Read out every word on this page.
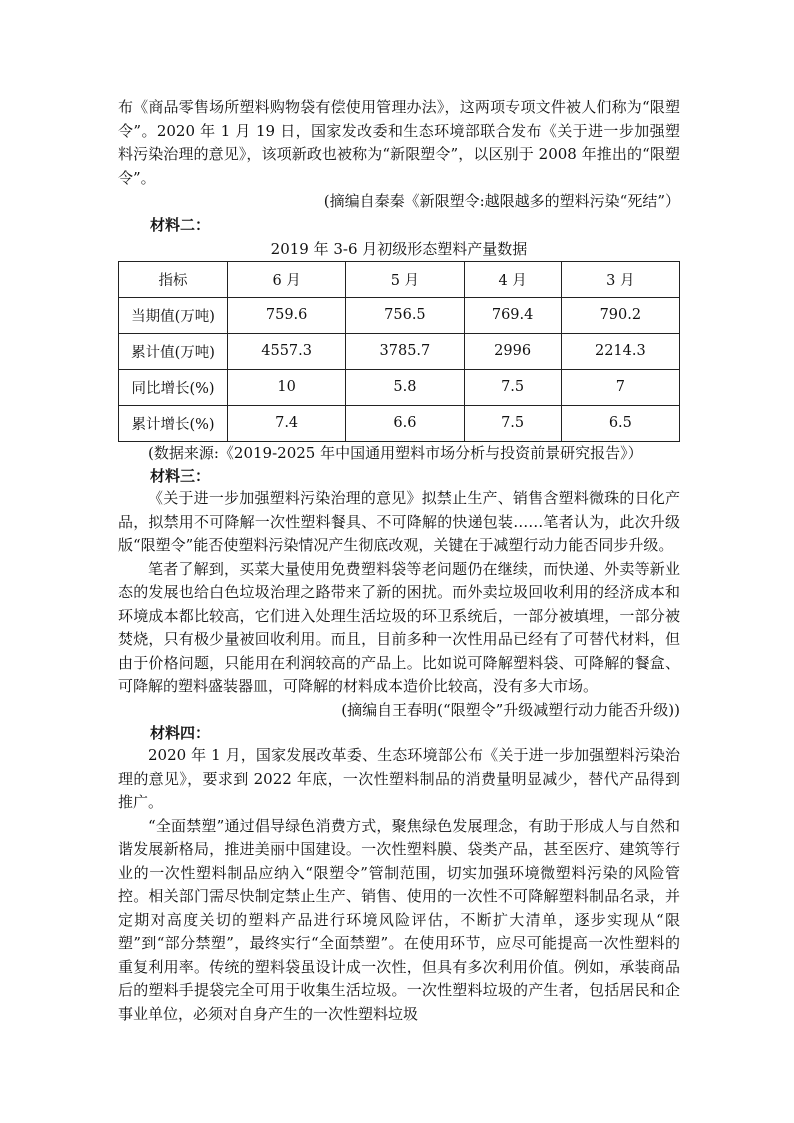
布《商品零售场所塑料购物袋有偿使用管理办法》，这两项专项文件被人们称为“限塑令”。2020 年 1 月 19 日，国家发改委和生态环境部联合发布《关于进一步加强塑料污染治理的意见》，该项新政也被称为“新限塑令”，以区别于 2008 年推出的“限塑令”。

(摘编自秦秦《新限塑令:越限越多的塑料污染“死结”）

材料二：

2019 年 3-6 月初级形态塑料产量数据

指标	6 月	5 月	4 月	3 月
当期值(万吨)	759.6	756.5	769.4	790.2
累计值(万吨)	4557.3	3785.7	2996	2214.3
同比增长(%)	10	5.8	7.5	7
累计增长(%)	7.4	6.6	7.5	6.5

(数据来源:《2019-2025 年中国通用塑料市场分析与投资前景研究报告》）

材料三：

《关于进一步加强塑料污染治理的意见》拟禁止生产、销售含塑料微珠的日化产品，拟禁用不可降解一次性塑料餐具、不可降解的快递包装……笔者认为，此次升级版“限塑令”能否使塑料污染情况产生彻底改观，关键在于减塑行动力能否同步升级。

笔者了解到，买菜大量使用免费塑料袋等老问题仍在继续，而快递、外卖等新业态的发展也给白色垃圾治理之路带来了新的困扰。而外卖垃圾回收利用的经济成本和环境成本都比较高，它们进入处理生活垃圾的环卫系统后，一部分被填埋，一部分被焚烧，只有极少量被回收利用。而且，目前多种一次性用品已经有了可替代材料，但由于价格问题，只能用在利润较高的产品上。比如说可降解塑料袋、可降解的餐盒、可降解的塑料盛装器皿，可降解的材料成本造价比较高，没有多大市场。

(摘编自王春明(“限塑令”升级减塑行动力能否升级))

材料四：

2020 年 1 月，国家发展改革委、生态环境部公布《关于进一步加强塑料污染治理的意见》，要求到 2022 年底，一次性塑料制品的消费量明显减少，替代产品得到推广。

“全面禁塑”通过倡导绿色消费方式，聚焦绿色发展理念，有助于形成人与自然和谐发展新格局，推进美丽中国建设。一次性塑料膜、袋类产品，甚至医疗、建筑等行业的一次性塑料制品应纳入“限塑令”管制范围，切实加强环境微塑料污染的风险管控。相关部门需尽快制定禁止生产、销售、使用的一次性不可降解塑料制品名录，并定期对高度关切的塑料产品进行环境风险评估，不断扩大清单，逐步实现从“限塑”到“部分禁塑”，最终实行“全面禁塑”。在使用环节，应尽可能提高一次性塑料的重复利用率。传统的塑料袋虽设计成一次性，但具有多次利用价值。例如，承装商品后的塑料手提袋完全可用于收集生活垃圾。一次性塑料垃圾的产生者，包括居民和企事业单位，必须对自身产生的一次性塑料垃圾
